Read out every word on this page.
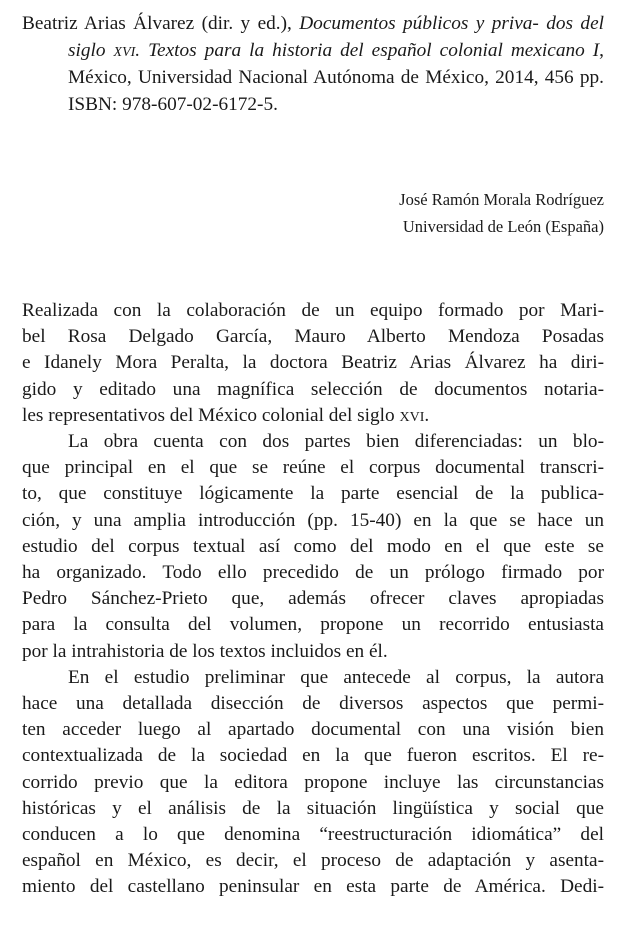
Beatriz Arias Álvarez (dir. y ed.), Documentos públicos y priva- dos del siglo xvi. Textos para la historia del español colonial mexicano I, México, Universidad Nacional Autónoma de México, 2014, 456 pp. ISBN: 978-607-02-6172-5.

José Ramón Morala Rodríguez
Universidad de León (España)

Realizada con la colaboración de un equipo formado por Mari-
bel Rosa Delgado García, Mauro Alberto Mendoza Posadas
e Idanely Mora Peralta, la doctora Beatriz Arias Álvarez ha diri-
gido y editado una magnífica selección de documentos notaria-
les representativos del México colonial del siglo xvi.

La obra cuenta con dos partes bien diferenciadas: un blo-
que principal en el que se reúne el corpus documental transcri-
to, que constituye lógicamente la parte esencial de la publica-
ción, y una amplia introducción (pp. 15-40) en la que se hace un
estudio del corpus textual así como del modo en el que este se
ha organizado. Todo ello precedido de un prólogo firmado por
Pedro Sánchez-Prieto que, además ofrecer claves apropiadas
para la consulta del volumen, propone un recorrido entusiasta
por la intrahistoria de los textos incluidos en él.

En el estudio preliminar que antecede al corpus, la autora
hace una detallada disección de diversos aspectos que permi-
ten acceder luego al apartado documental con una visión bien
contextualizada de la sociedad en la que fueron escritos. El re-
corrido previo que la editora propone incluye las circunstancias
históricas y el análisis de la situación lingüística y social que
conducen a lo que denomina “reestructuración idiomática” del
español en México, es decir, el proceso de adaptación y asenta-
miento del castellano peninsular en esta parte de América. Dedi-
